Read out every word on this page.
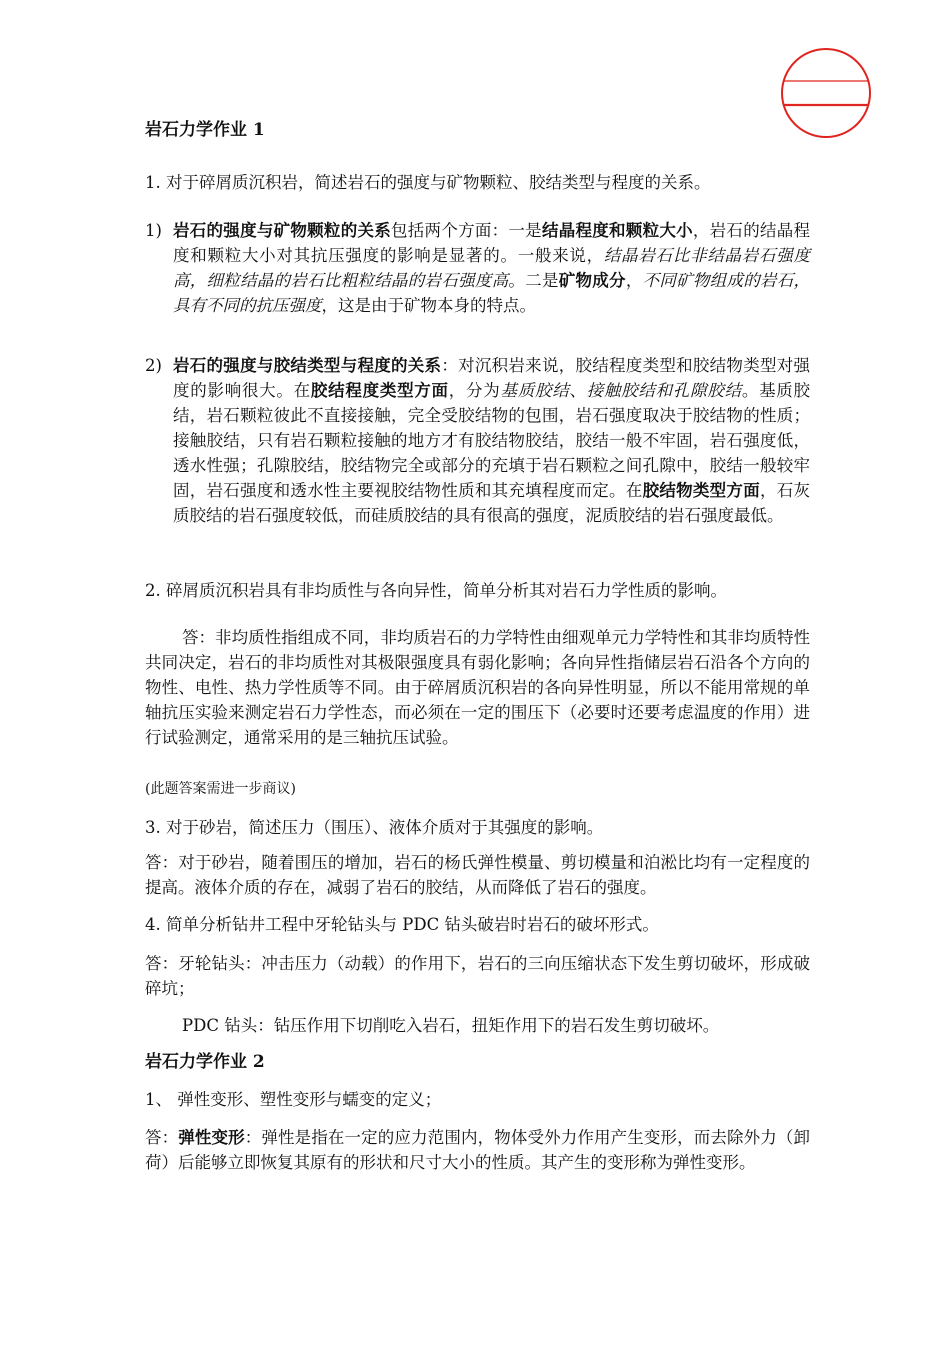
岩石力学作业 1
1. 对于碎屑质沉积岩，简述岩石的强度与矿物颗粒、胶结类型与程度的关系。
1) 岩石的强度与矿物颗粒的关系包括两个方面：一是结晶程度和颗粒大小，岩石的结晶程度和颗粒大小对其抗压强度的影响是显著的。一般来说，结晶岩石比非结晶岩石强度高，细粒结晶的岩石比粗粒结晶的岩石强度高。二是矿物成分，不同矿物组成的岩石，具有不同的抗压强度，这是由于矿物本身的特点。
2) 岩石的强度与胶结类型与程度的关系：对沉积岩来说，胶结程度类型和胶结物类型对强度的影响很大。在胶结程度类型方面，分为基质胶结、接触胶结和孔隙胶结。基质胶结，岩石颗粒彼此不直接接触，完全受胶结物的包围，岩石强度取决于胶结物的性质；接触胶结，只有岩石颗粒接触的地方才有胶结物胶结，胶结一般不牢固，岩石强度低，透水性强；孔隙胶结，胶结物完全或部分的充填于岩石颗粒之间孔隙中，胶结一般较牢固，岩石强度和透水性主要视胶结物性质和其充填程度而定。在胶结物类型方面，石灰质胶结的岩石强度较低，而硅质胶结的具有很高的强度，泥质胶结的岩石强度最低。
2. 碎屑质沉积岩具有非均质性与各向异性，简单分析其对岩石力学性质的影响。
答：非均质性指组成不同，非均质岩石的力学特性由细观单元力学特性和其非均质特性共同决定，岩石的非均质性对其极限强度具有弱化影响；各向异性指储层岩石沿各个方向的物性、电性、热力学性质等不同。由于碎屑质沉积岩的各向异性明显，所以不能用常规的单轴抗压实验来测定岩石力学性态，而必须在一定的围压下（必要时还要考虑温度的作用）进行试验测定，通常采用的是三轴抗压试验。
(此题答案需进一步商议)
3. 对于砂岩，简述压力（围压）、液体介质对于其强度的影响。
答：对于砂岩，随着围压的增加，岩石的杨氏弹性模量、剪切模量和泊淞比均有一定程度的提高。液体介质的存在，减弱了岩石的胶结，从而降低了岩石的强度。
4. 简单分析钻井工程中牙轮钻头与 PDC 钻头破岩时岩石的破坏形式。
答：牙轮钻头：冲击压力（动载）的作用下，岩石的三向压缩状态下发生剪切破坏，形成破碎坑；
PDC 钻头：钻压作用下切削吃入岩石，扭矩作用下的岩石发生剪切破坏。
岩石力学作业 2
1、 弹性变形、塑性变形与蠕变的定义；
答：弹性变形：弹性是指在一定的应力范围内，物体受外力作用产生变形，而去除外力（卸荷）后能够立即恢复其原有的形状和尺寸大小的性质。其产生的变形称为弹性变形。
